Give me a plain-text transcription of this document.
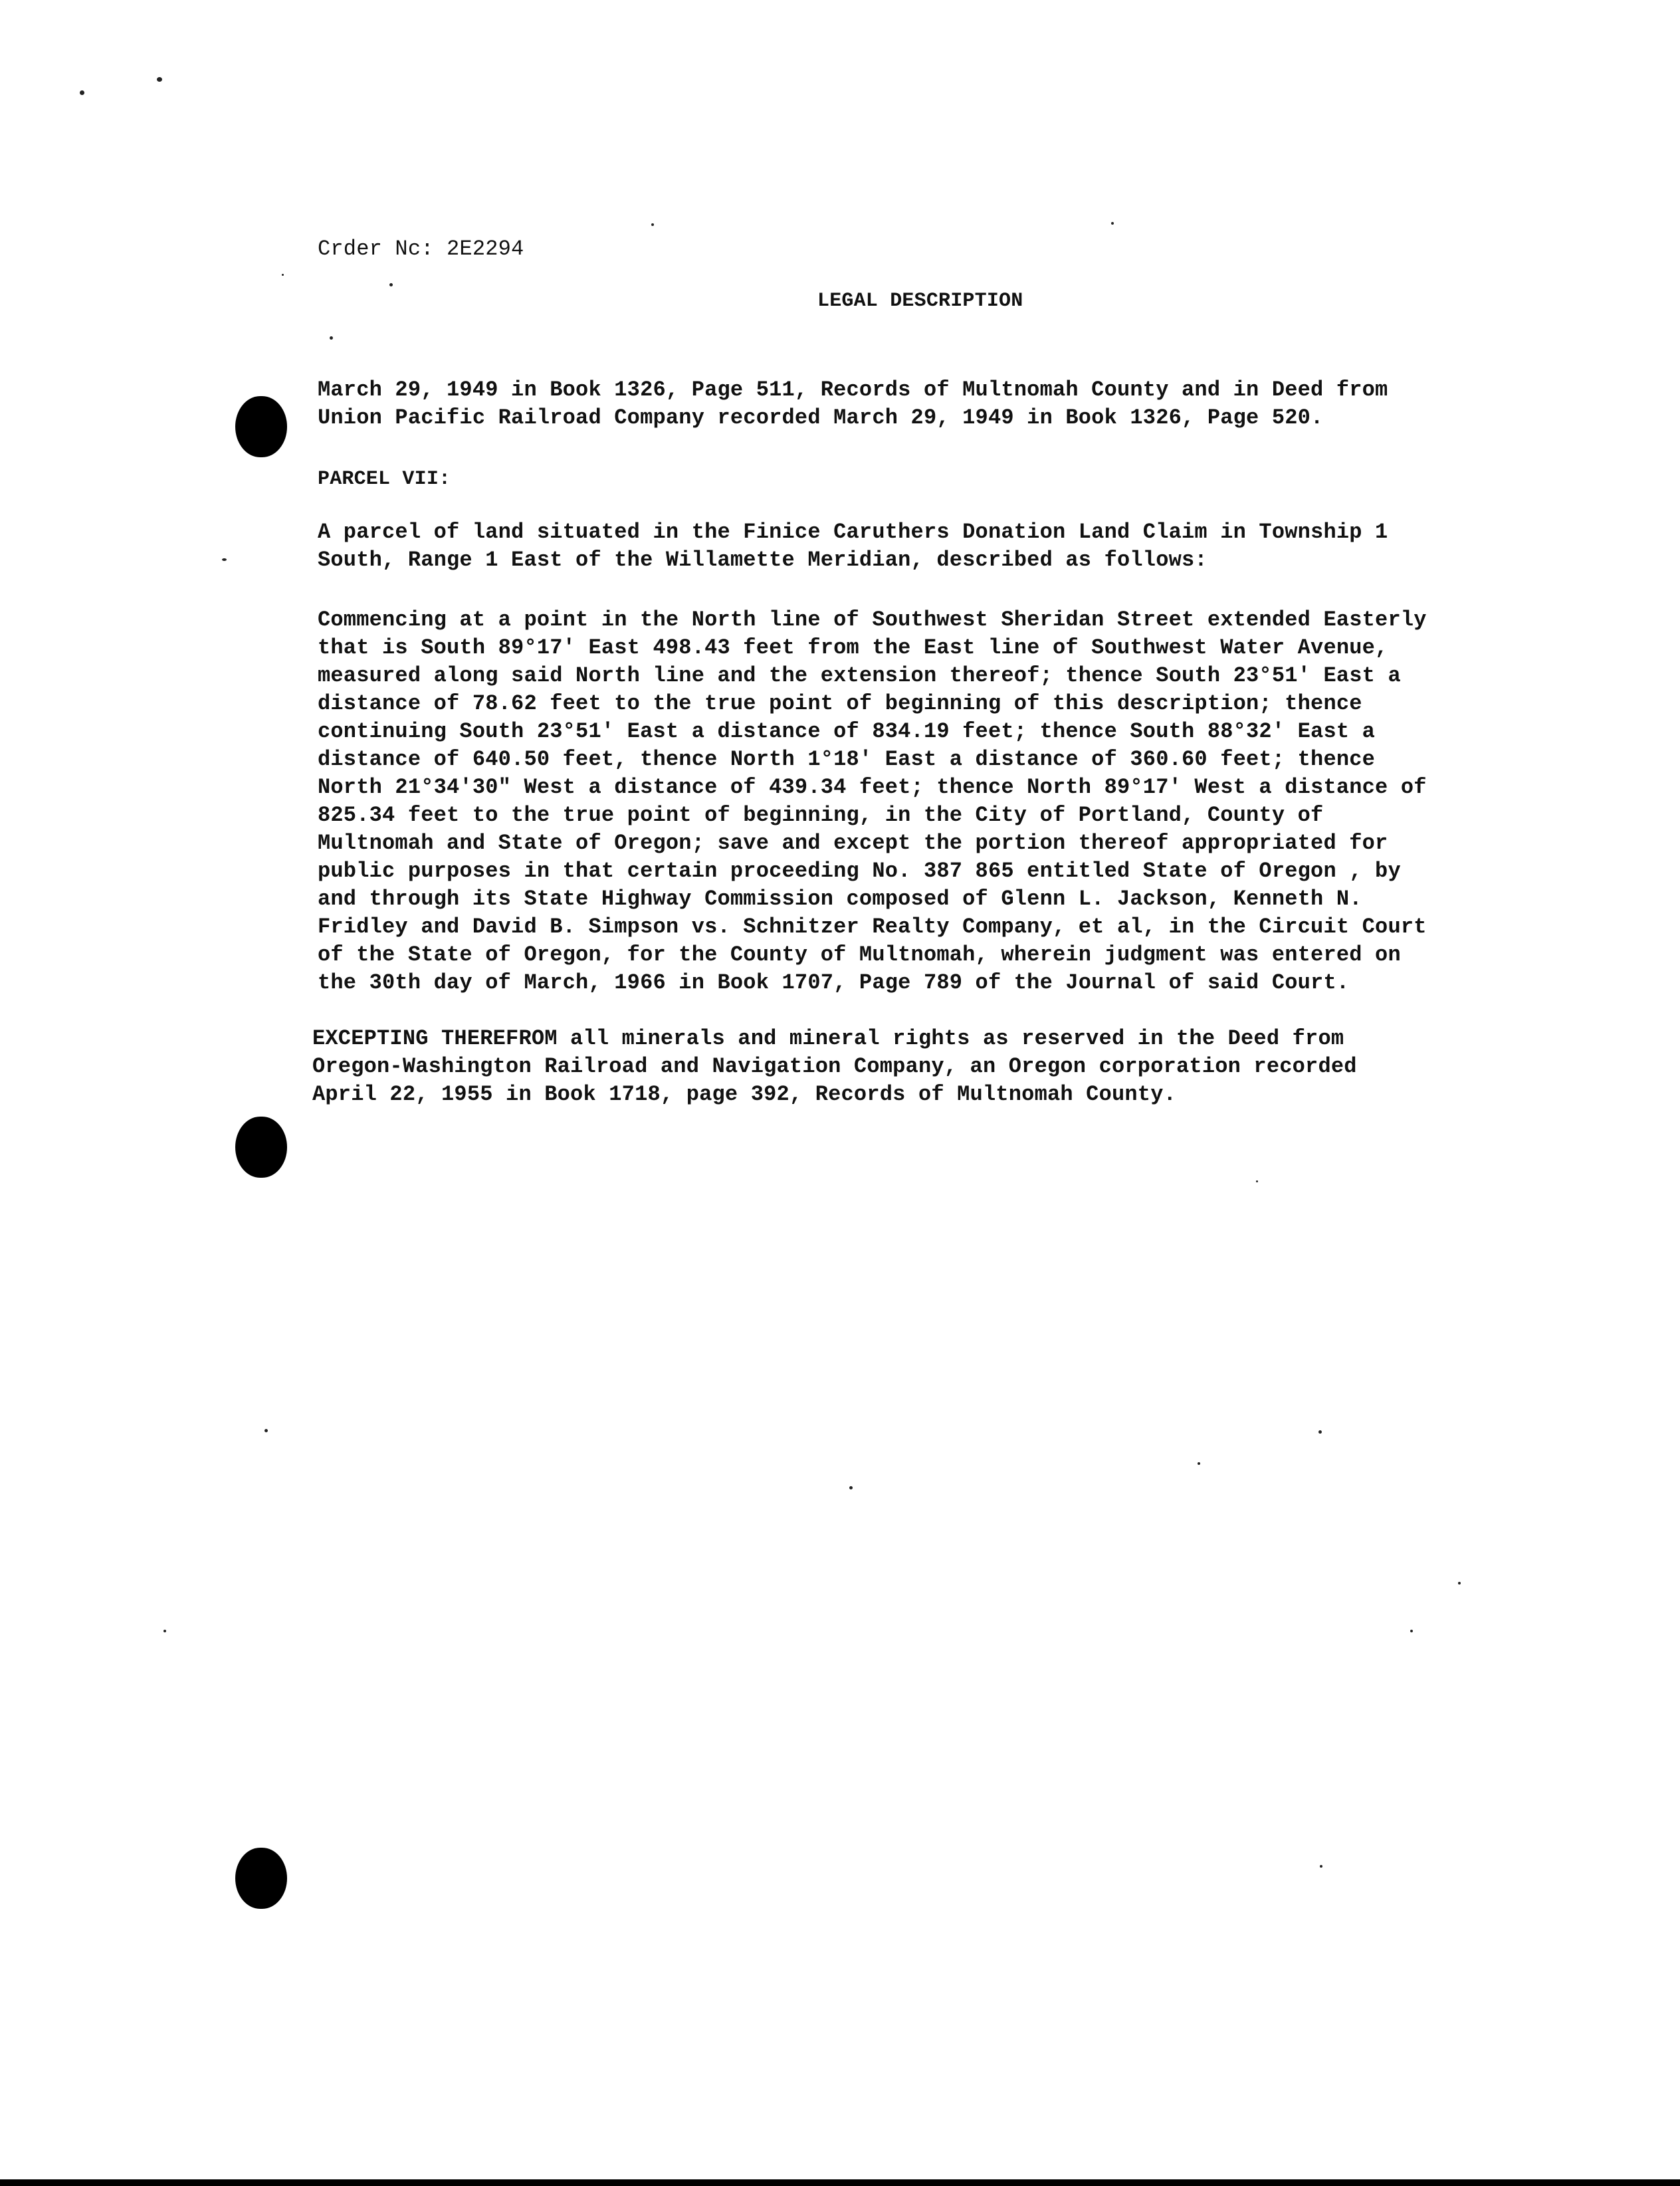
Crder Nc: 2E2294
LEGAL DESCRIPTION
March 29, 1949 in Book 1326, Page 511, Records of Multnomah County and in Deed from
Union Pacific Railroad Company recorded March 29, 1949 in Book 1326, Page 520.
PARCEL VII:
A parcel of land situated in the Finice Caruthers Donation Land Claim in Township 1
South, Range 1 East of the Willamette Meridian, described as follows:
Commencing at a point in the North line of Southwest Sheridan Street extended Easterly
that is South 89°17' East 498.43 feet from the East line of Southwest Water Avenue,
measured along said North line and the extension thereof; thence South 23°51' East a
distance of 78.62 feet to the true point of beginning of this description; thence
continuing South 23°51' East a distance of 834.19 feet; thence South 88°32' East a
distance of 640.50 feet, thence North 1°18' East a distance of 360.60 feet; thence
North 21°34'30" West a distance of 439.34 feet; thence North 89°17' West a distance of
825.34 feet to the true point of beginning, in the City of Portland, County of
Multnomah and State of Oregon; save and except the portion thereof appropriated for
public purposes in that certain proceeding No. 387 865 entitled State of Oregon , by
and through its State Highway Commission composed of Glenn L. Jackson, Kenneth N.
Fridley and David B. Simpson vs. Schnitzer Realty Company, et al, in the Circuit Court
of the State of Oregon, for the County of Multnomah, wherein judgment was entered on
the 30th day of March, 1966 in Book 1707, Page 789 of the Journal of said Court.
EXCEPTING THEREFROM all minerals and mineral rights as reserved in the Deed from
Oregon-Washington Railroad and Navigation Company, an Oregon corporation recorded
April 22, 1955 in Book 1718, page 392, Records of Multnomah County.
